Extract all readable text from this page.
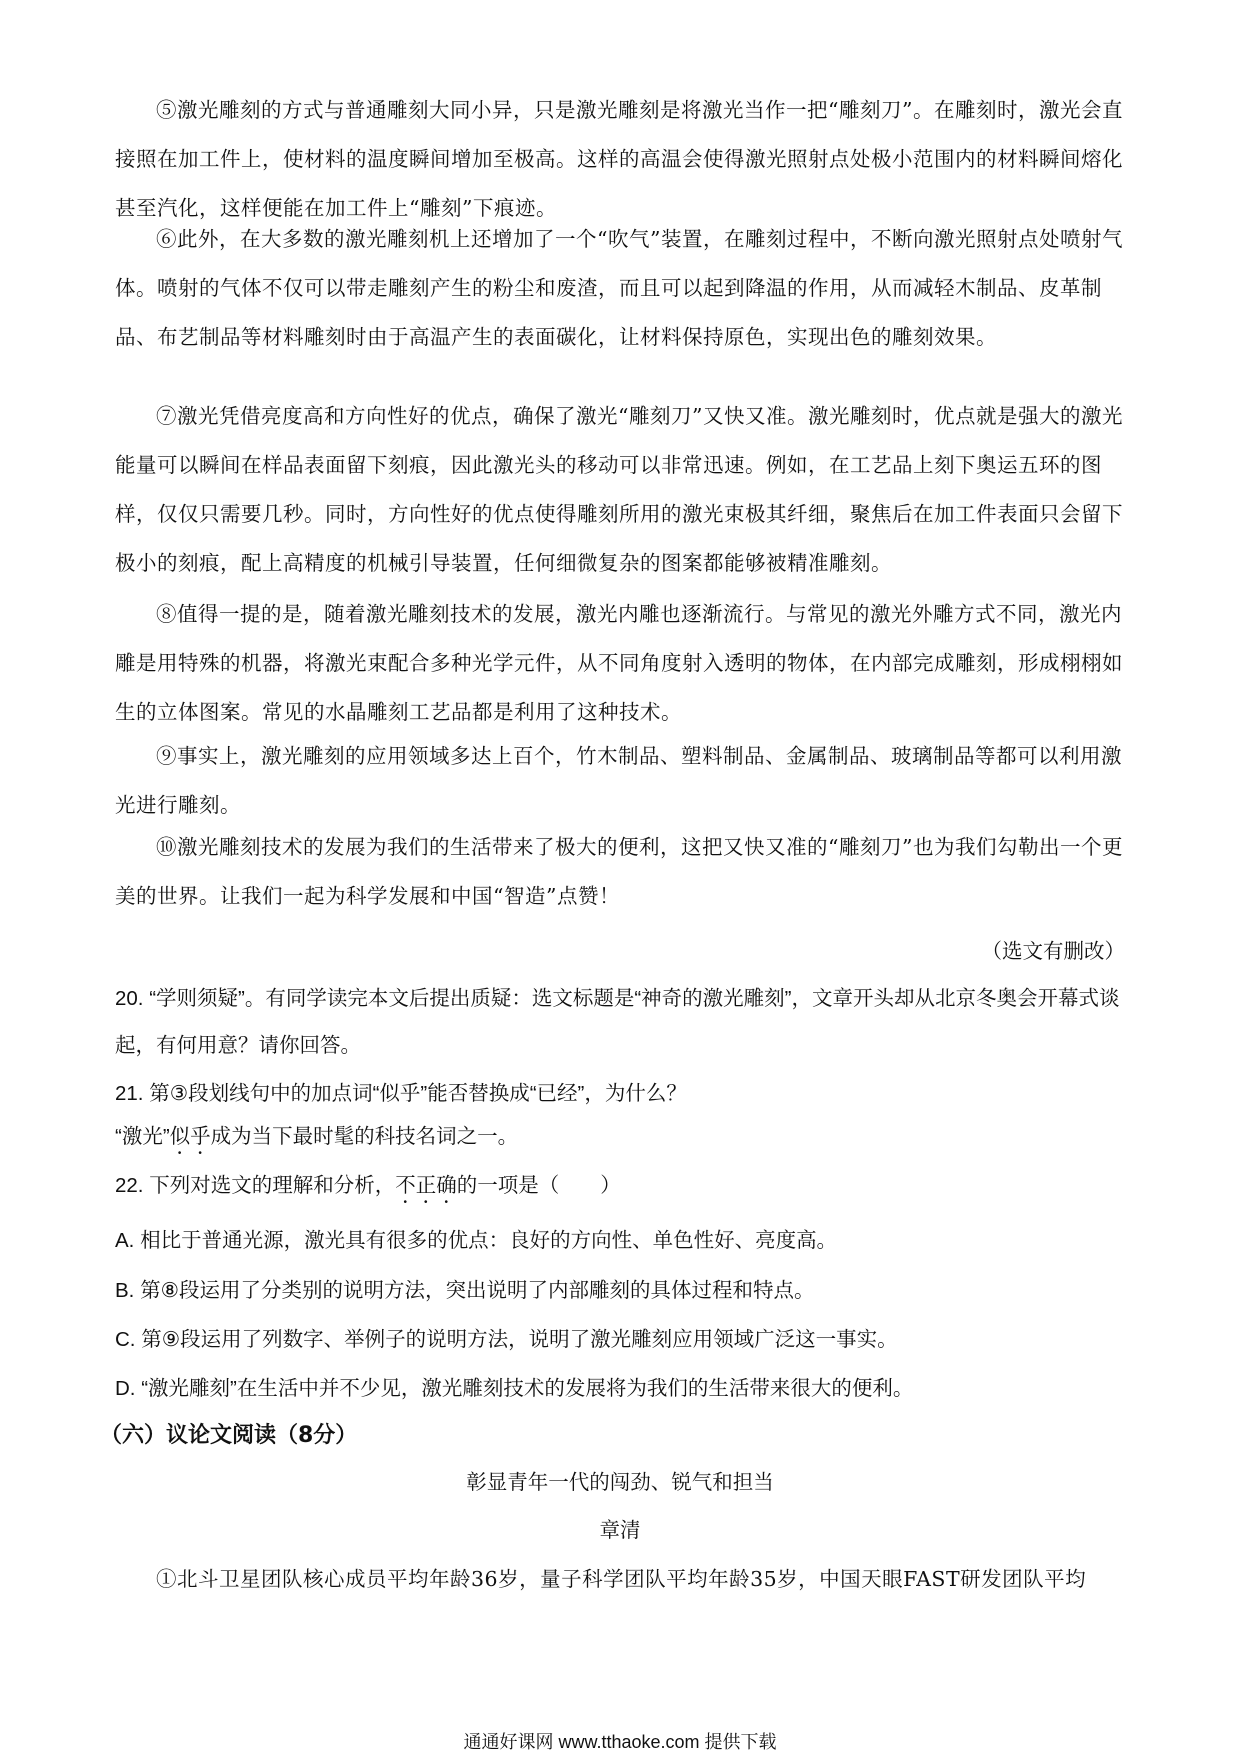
⑤激光雕刻的方式与普通雕刻大同小异，只是激光雕刻是将激光当作一把“雕刻刀”。在雕刻时，激光会直接照在加工件上，使材料的温度瞬间增加至极高。这样的高温会使得激光照射点处极小范围内的材料瞬间熔化甚至汽化，这样便能在加工件上“雕刻”下痕迹。

⑥此外，在大多数的激光雕刻机上还增加了一个“吹气”装置，在雕刻过程中，不断向激光照射点处喷射气体。喷射的气体不仅可以带走雕刻产生的粉尘和废渣，而且可以起到降温的作用，从而减轻木制品、皮革制品、布艺制品等材料雕刻时由于高温产生的表面碳化，让材料保持原色，实现出色的雕刻效果。

⑦激光凭借亮度高和方向性好的优点，确保了激光“雕刻刀”又快又准。激光雕刻时，优点就是强大的激光能量可以瞬间在样品表面留下刻痕，因此激光头的移动可以非常迅速。例如，在工艺品上刻下奥运五环的图样，仅仅只需要几秒。同时，方向性好的优点使得雕刻所用的激光束极其纤细，聚焦后在加工件表面只会留下极小的刻痕，配上高精度的机械引导装置，任何细微复杂的图案都能够被精准雕刻。

⑧值得一提的是，随着激光雕刻技术的发展，激光内雕也逐渐流行。与常见的激光外雕方式不同，激光内雕是用特殊的机器，将激光束配合多种光学元件，从不同角度射入透明的物体，在内部完成雕刻，形成栩栩如生的立体图案。常见的水晶雕刻工艺品都是利用了这种技术。

⑨事实上，激光雕刻的应用领域多达上百个，竹木制品、塑料制品、金属制品、玻璃制品等都可以利用激光进行雕刻。

⑩激光雕刻技术的发展为我们的生活带来了极大的便利，这把又快又准的“雕刻刀”也为我们勾勒出一个更美的世界。让我们一起为科学发展和中国“智造”点赞！

（选文有删改）

20. “学则须疑”。有同学读完本文后提出质疑：选文标题是“神奇的激光雕刻”，文章开头却从北京冬奥会开幕式谈起，有何用意？请你回答。

21. 第③段划线句中的加点词“似乎”能否替换成“已经”，为什么？

“激光”似乎成为当下最时髦的科技名词之一。

22. 下列对选文的理解和分析，不正确的一项是（　　）

A. 相比于普通光源，激光具有很多的优点：良好的方向性、单色性好、亮度高。

B. 第⑧段运用了分类别的说明方法，突出说明了内部雕刻的具体过程和特点。

C. 第⑨段运用了列数字、举例子的说明方法，说明了激光雕刻应用领域广泛这一事实。

D. “激光雕刻”在生活中并不少见，激光雕刻技术的发展将为我们的生活带来很大的便利。

（六）议论文阅读（8分）
彰显青年一代的闯劲、锐气和担当
章清

①北斗卫星团队核心成员平均年龄36岁，量子科学团队平均年龄35岁，中国天眼FAST研发团队平均

通通好课网 www.tthaoke.com 提供下载
